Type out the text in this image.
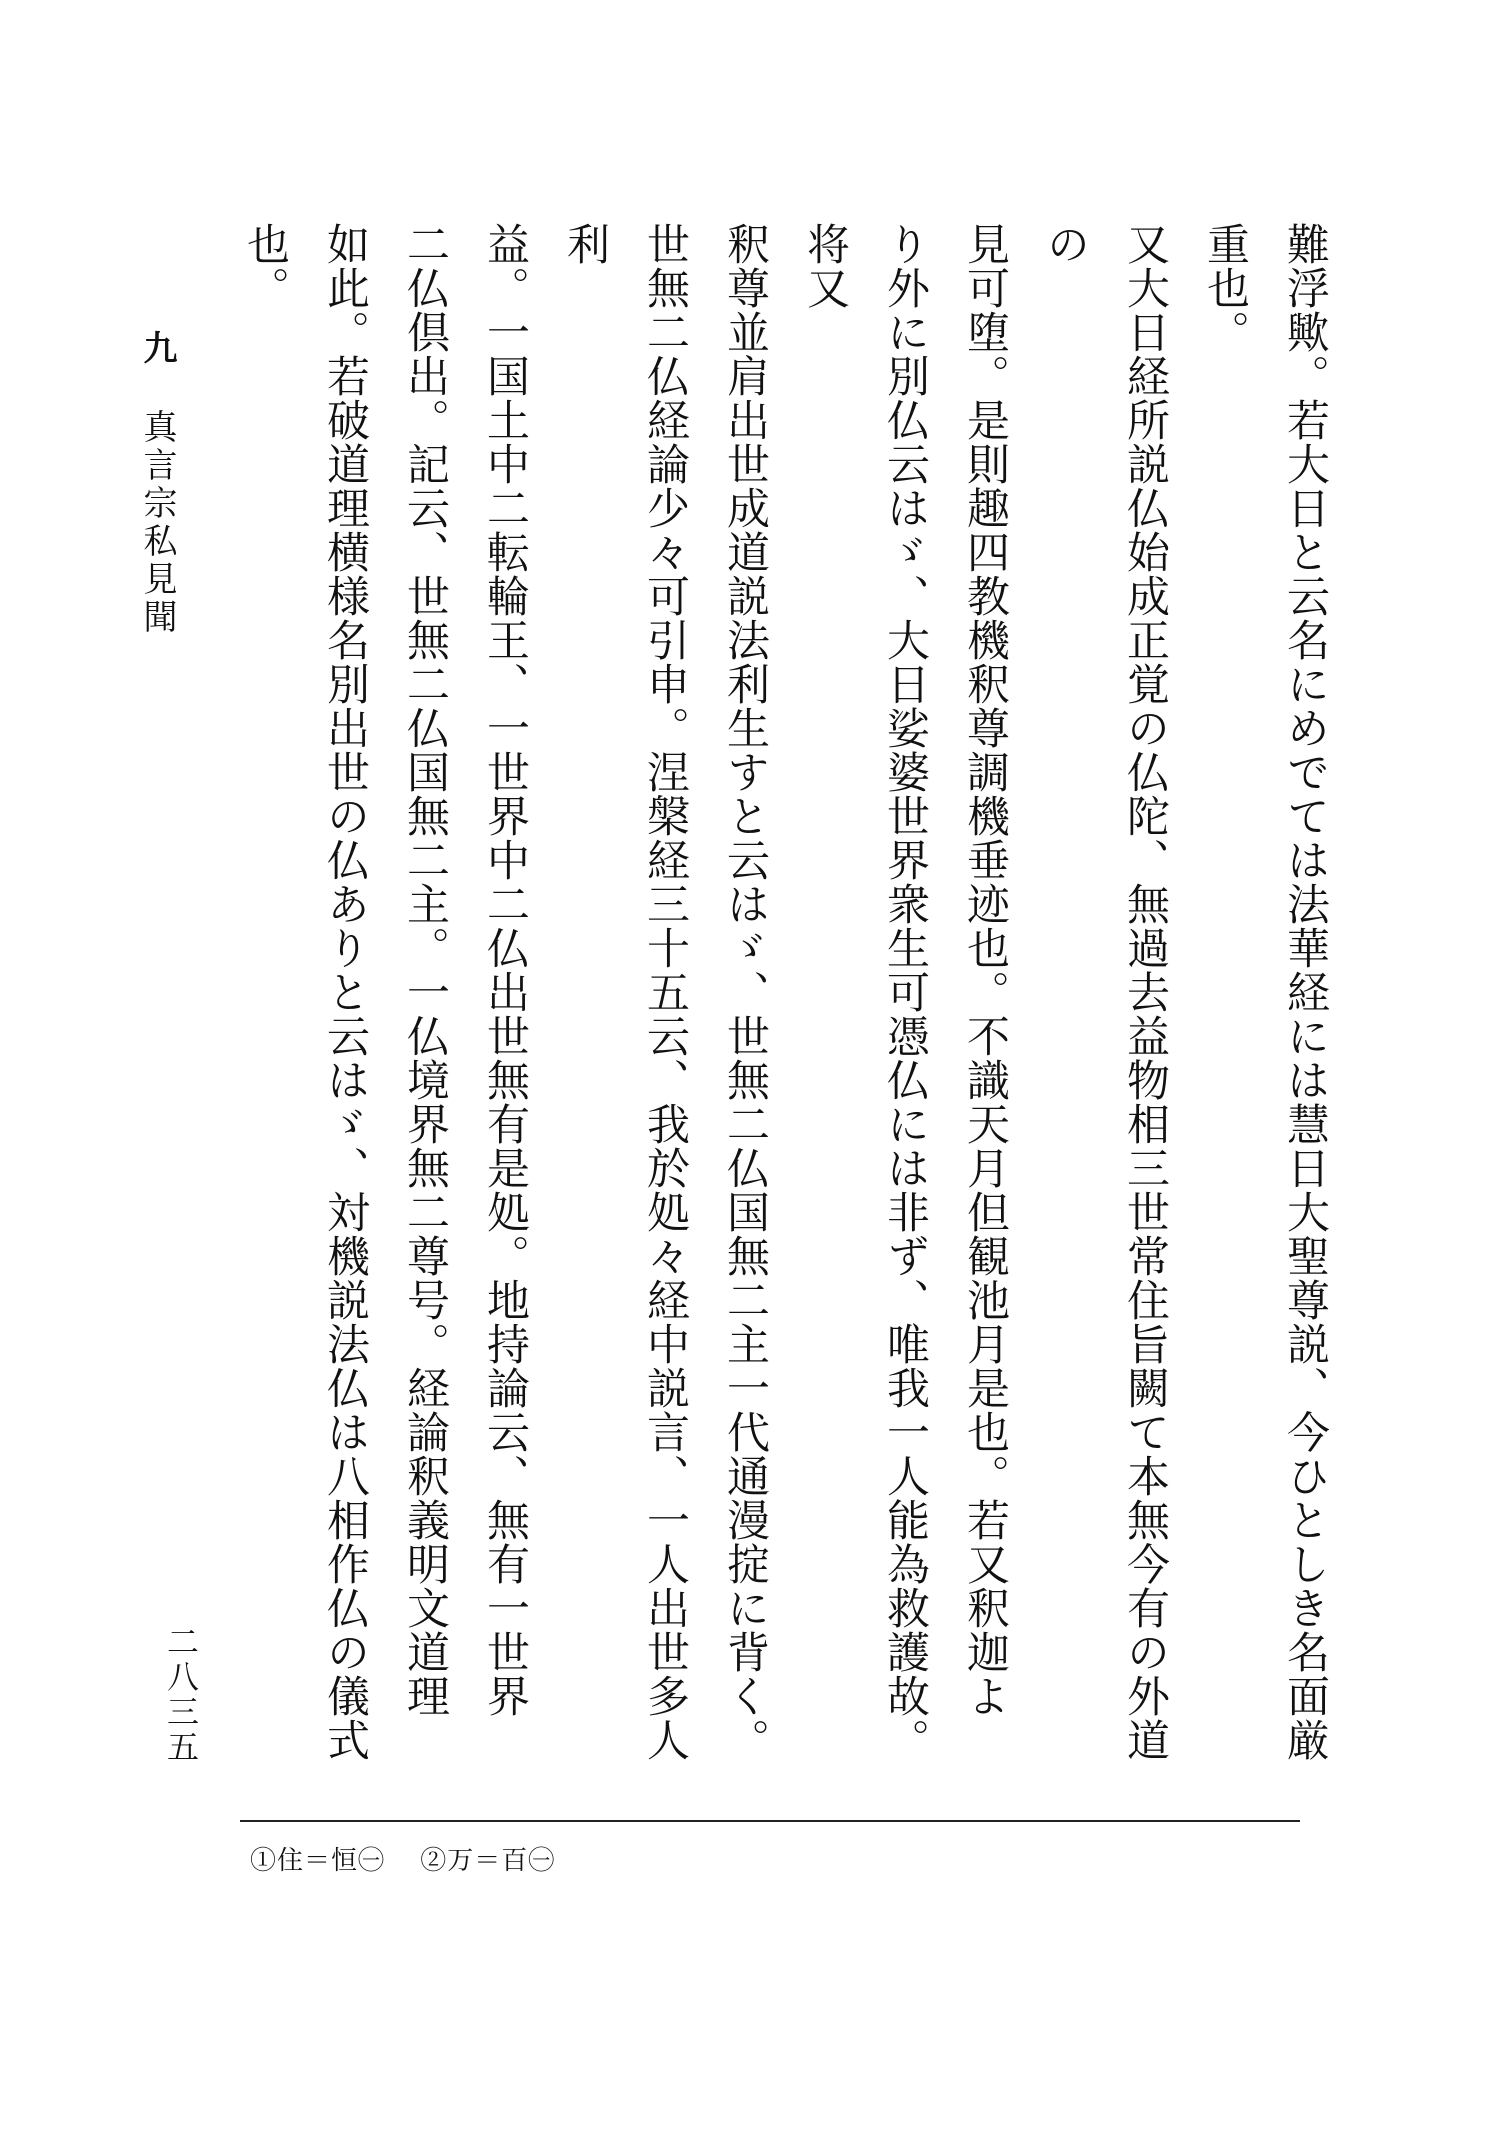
九 真言宗私見聞	難浮歟。若大日と云名にめでては法華経には慧日大聖尊説、今ひとしき名面厳重也。

又大日経所説仏始成正覚の仏陀、無過去益物相三世常住旨闕て本無今有の外道の

見可堕。是則趣四教機釈尊調機垂迹也。不識天月但観池月是也。若又釈迦よ

り外に別仏云はゞ、大日娑婆世界衆生可憑仏には非ず、唯我一人能為救護故。将又

釈尊並肩出世成道説法利生すと云はゞ、世無二仏国無二主一代通漫掟に背く。

世無二仏経論少々可引申。涅槃経三十五云、我於処々経中説言、一人出世多人利

益。一国土中二転輪王、一世界中二仏出世無有是処。地持論云、無有一世界

二仏倶出。記云、世無二仏国無二主。一仏境界無二尊号。経論釈義明文道理

如此。若破道理横様名別出世の仏ありと云はゞ、対機説法仏は八相作仏の儀式也。

二八三五
①住＝恒㊀ ②万＝百㊀
